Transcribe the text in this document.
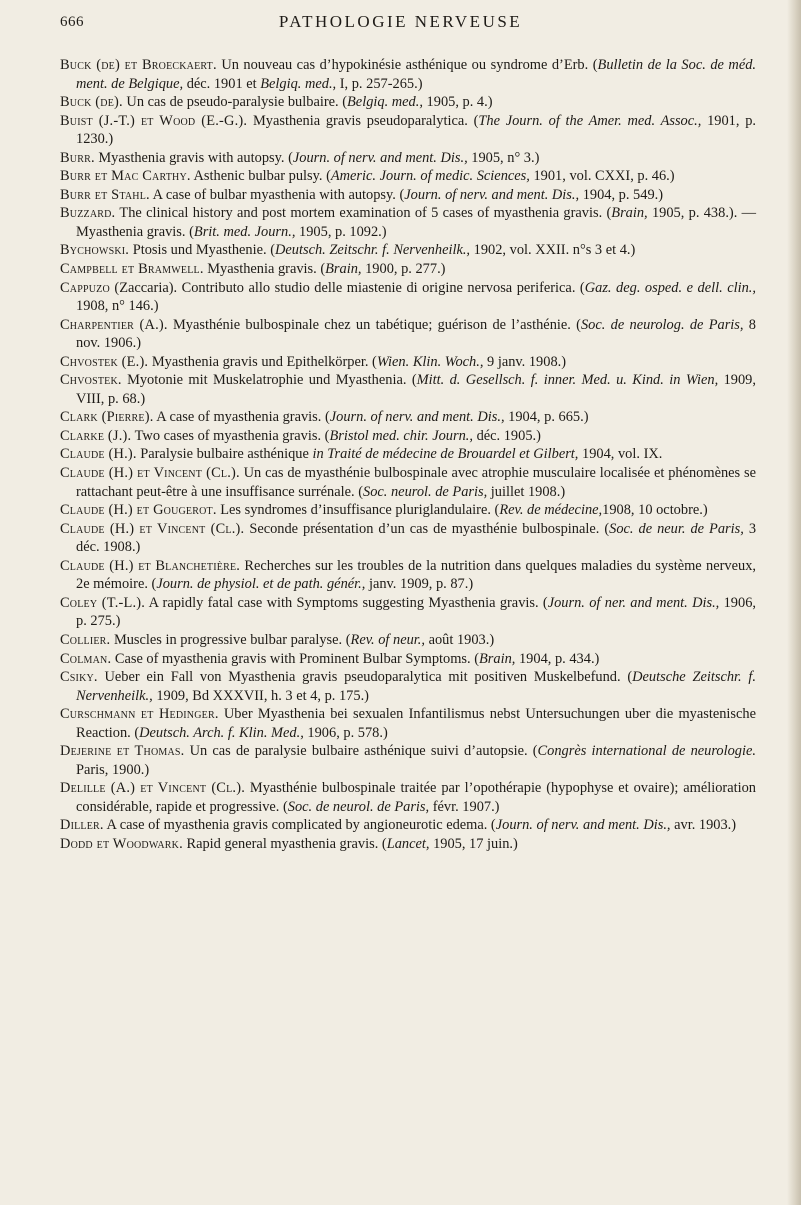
666	PATHOLOGIE NERVEUSE

Buck (de) et Broeckaert. Un nouveau cas d’hypokinésie asthénique ou syndrome d’Erb. (Bulletin de la Soc. de méd. ment. de Belgique, déc. 1901 et Belgiq. med., I, p. 257-265.)

Buck (de). Un cas de pseudo-paralysie bulbaire. (Belgiq. med., 1905, p. 4.)

Buist (J.-T.) et Wood (E.-G.). Myasthenia gravis pseudoparalytica. (The Journ. of the Amer. med. Assoc., 1901, p. 1230.)

Burr. Myasthenia gravis with autopsy. (Journ. of nerv. and ment. Dis., 1905, n° 3.)

Burr et Mac Carthy. Asthenic bulbar pulsy. (Americ. Journ. of medic. Sciences, 1901, vol. CXXI, p. 46.)

Burr et Stahl. A case of bulbar myasthenia with autopsy. (Journ. of nerv. and ment. Dis., 1904, p. 549.)

Buzzard. The clinical history and post mortem examination of 5 cases of myasthenia gravis. (Brain, 1905, p. 438.). — Myasthenia gravis. (Brit. med. Journ., 1905, p. 1092.)

Bychowski. Ptosis und Myasthenie. (Deutsch. Zeitschr. f. Nervenheilk., 1902, vol. XXII. n°s 3 et 4.)

Campbell et Bramwell. Myasthenia gravis. (Brain, 1900, p. 277.)

Cappuzo (Zaccaria). Contributo allo studio delle miastenie di origine nervosa periferica. (Gaz. deg. osped. e dell. clin., 1908, n° 146.)

Charpentier (A.). Myasthénie bulbospinale chez un tabétique; guérison de l’asthénie. (Soc. de neurolog. de Paris, 8 nov. 1906.)

Chvostek (E.). Myasthenia gravis und Epithelkörper. (Wien. Klin. Woch., 9 janv. 1908.)

Chvostek. Myotonie mit Muskelatrophie und Myasthenia. (Mitt. d. Gesellsch. f. inner. Med. u. Kind. in Wien, 1909, VIII, p. 68.)

Clark (Pierre). A case of myasthenia gravis. (Journ. of nerv. and ment. Dis., 1904, p. 665.)

Clarke (J.). Two cases of myasthenia gravis. (Bristol med. chir. Journ., déc. 1905.)

Claude (H.). Paralysie bulbaire asthénique in Traité de médecine de Brouardel et Gilbert, 1904, vol. IX.

Claude (H.) et Vincent (Cl.). Un cas de myasthénie bulbospinale avec atrophie musculaire localisée et phénomènes se rattachant peut-être à une insuffisance surrénale. (Soc. neurol. de Paris, juillet 1908.)

Claude (H.) et Gougerot. Les syndromes d’insuffisance pluriglandulaire. (Rev. de médecine,1908, 10 octobre.)

Claude (H.) et Vincent (Cl.). Seconde présentation d’un cas de myasthénie bulbospinale. (Soc. de neur. de Paris, 3 déc. 1908.)

Claude (H.) et Blanchetière. Recherches sur les troubles de la nutrition dans quelques maladies du système nerveux, 2e mémoire. (Journ. de physiol. et de path. génér., janv. 1909, p. 87.)

Coley (T.-L.). A rapidly fatal case with Symptoms suggesting Myasthenia gravis. (Journ. of ner. and ment. Dis., 1906, p. 275.)

Collier. Muscles in progressive bulbar paralyse. (Rev. of neur., août 1903.)

Colman. Case of myasthenia gravis with Prominent Bulbar Symptoms. (Brain, 1904, p. 434.)

Csiky. Ueber ein Fall von Myasthenia gravis pseudoparalytica mit positiven Muskelbefund. (Deutsche Zeitschr. f. Nervenheilk., 1909, Bd XXXVII, h. 3 et 4, p. 175.)

Curschmann et Hedinger. Uber Myasthenia bei sexualen Infantilismus nebst Untersuchungen uber die myastenische Reaction. (Deutsch. Arch. f. Klin. Med., 1906, p. 578.)

Dejerine et Thomas. Un cas de paralysie bulbaire asthénique suivi d’autopsie. (Congrès international de neurologie. Paris, 1900.)

Delille (A.) et Vincent (Cl.). Myasthénie bulbospinale traitée par l’opothérapie (hypophyse et ovaire); amélioration considérable, rapide et progressive. (Soc. de neurol. de Paris, févr. 1907.)

Diller. A case of myasthenia gravis complicated by angioneurotic edema. (Journ. of nerv. and ment. Dis., avr. 1903.)

Dodd et Woodwark. Rapid general myasthenia gravis. (Lancet, 1905, 17 juin.)
